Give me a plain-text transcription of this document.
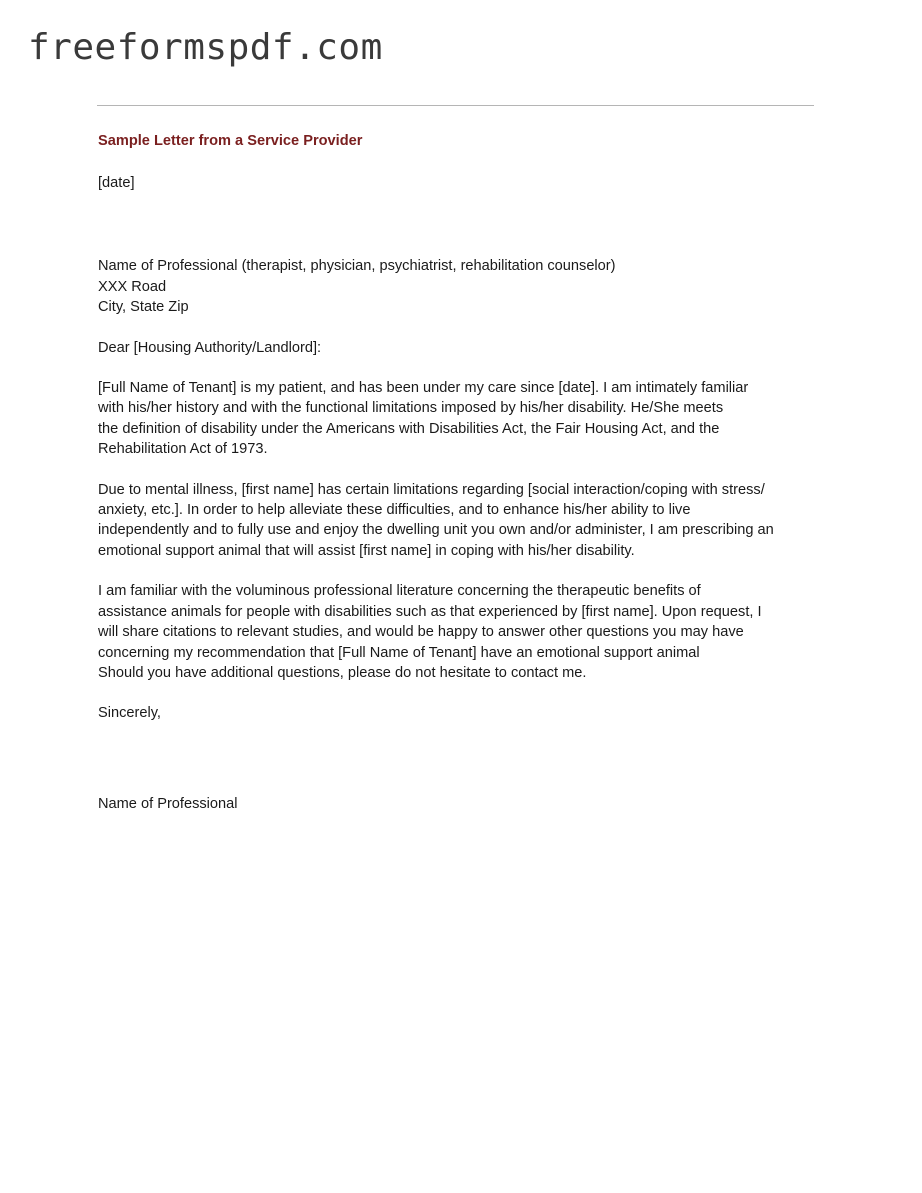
freeformspdf.com

Sample Letter from a Service Provider

[date]

Name of Professional (therapist, physician, psychiatrist, rehabilitation counselor)
XXX Road
City, State Zip

Dear [Housing Authority/Landlord]:

[Full Name of Tenant] is my patient, and has been under my care since [date]. I am intimately familiar
with his/her history and with the functional limitations imposed by his/her disability. He/She meets
the definition of disability under the Americans with Disabilities Act, the Fair Housing Act, and the
Rehabilitation Act of 1973.

Due to mental illness, [first name] has certain limitations regarding [social interaction/coping with stress/
anxiety, etc.]. In order to help alleviate these difficulties, and to enhance his/her ability to live
independently and to fully use and enjoy the dwelling unit you own and/or administer, I am prescribing an
emotional support animal that will assist [first name] in coping with his/her disability.

I am familiar with the voluminous professional literature concerning the therapeutic benefits of
assistance animals for people with disabilities such as that experienced by [first name]. Upon request, I
will share citations to relevant studies, and would be happy to answer other questions you may have
concerning my recommendation that [Full Name of Tenant] have an emotional support animal
Should you have additional questions, please do not hesitate to contact me.

Sincerely,

Name of Professional
